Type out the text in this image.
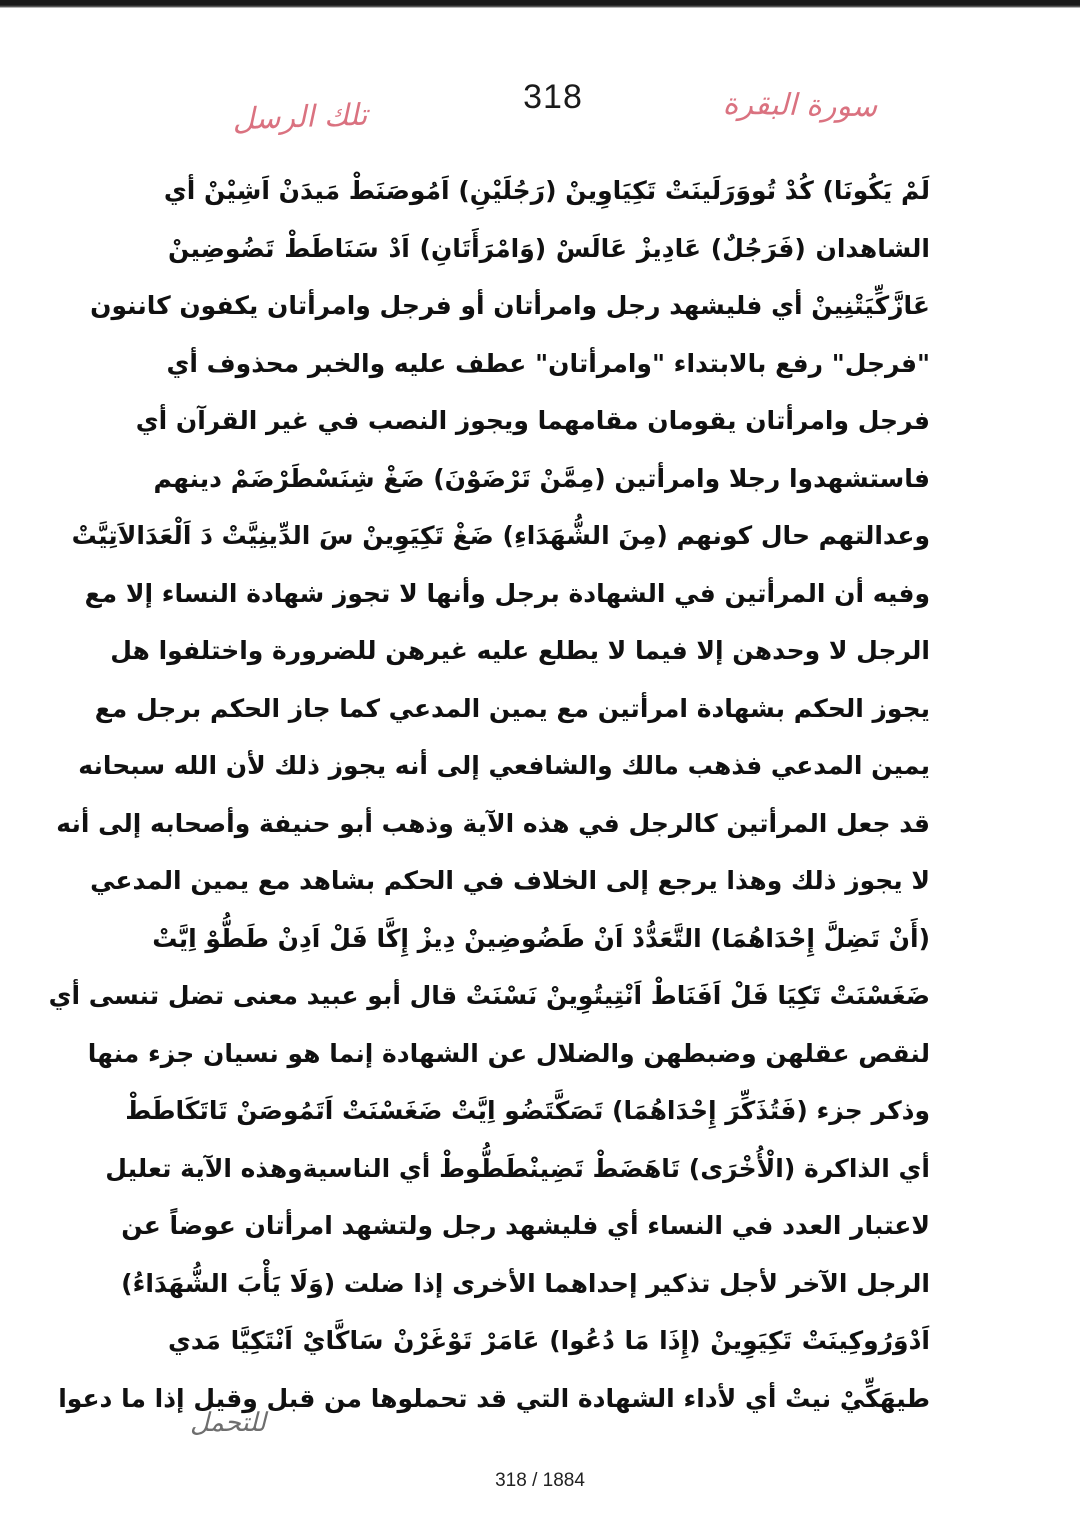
تلك الرسل
318	سورة البقرة
لَمْ يَكُونَا) كُدْ تُووَرَلَينَتْ تَكِيَاوِينْ (رَجُلَيْنِ) اَمُوصَنَطْ مَيدَنْ اَشِيْنْ أي
الشاهدان (فَرَجُلٌ) عَادِيزْ عَالَسْ (وَامْرَأَتَانِ) اَدْ سَنَاطَطْ تَضُوضِينْ
عَازَّكِّيَتْنِينْ أي فليشهد رجل وامرأتان أو فرجل وامرأتان يكفون كاننون
"فرجل" رفع بالابتداء "وامرأتان" عطف عليه والخبر محذوف أي
فرجل وامرأتان يقومان مقامهما ويجوز النصب في غير القرآن أي
فاستشهدوا رجلا وامرأتين (مِمَّنْ تَرْضَوْنَ) ضَغْ شِنَسْطَرْضَمْ دينهم
وعدالتهم حال كونهم (مِنَ الشُّهَدَاءِ) ضَغْ تَكِيَوِينْ سَ الدِّينِيَّتْ دَ اَلْعَدَالاَتِيَّتْ
وفيه أن المرأتين في الشهادة برجل وأنها لا تجوز شهادة النساء إلا مع
الرجل لا وحدهن إلا فيما لا يطلع عليه غيرهن للضرورة واختلفوا هل
يجوز الحكم بشهادة امرأتين مع يمين المدعي كما جاز الحكم برجل مع
يمين المدعي فذهب مالك والشافعي إلى أنه يجوز ذلك لأن الله سبحانه
قد جعل المرأتين كالرجل في هذه الآية وذهب أبو حنيفة وأصحابه إلى أنه
لا يجوز ذلك وهذا يرجع إلى الخلاف في الحكم بشاهد مع يمين المدعي
(أَنْ تَضِلَّ إِحْدَاهُمَا) التَّعَدُّدْ اَنْ طَضُوضِينْ دِيزْ إِكَّا فَلْ اَدِنْ طَطُّوْ اِيَّتْ
ضَغَسْنَتْ تَكِيَا فَلْ اَفَنَاطْ اَنْتِيتُوِينْ نَسْنَتْ قال أبو عبيد معنى تضل تنسى أي
لنقص عقلهن وضبطهن والضلال عن الشهادة إنما هو نسيان جزء منها
وذكر جزء (فَتُذَكِّرَ إِحْدَاهُمَا) تَصَكَّتَضُو اِيَّتْ ضَغَسْنَتْ اَتَمُوصَنْ تَاتَكَاطَطْ
أي الذاكرة (الْأُخْرَى) تَاهَضَطْ تَضِينْطَطُّوطْ أي الناسيةوهذه الآية تعليل
لاعتبار العدد في النساء أي فليشهد رجل ولتشهد امرأتان عوضاً عن
الرجل الآخر لأجل تذكير إحداهما الأخرى إذا ضلت (وَلَا يَأْبَ الشُّهَدَاءُ)
اَدْوَرُوكِينَتْ تَكِيَوِينْ (إِذَا مَا دُعُوا) عَامَرْ تَوْغَرْنْ سَاكَّايْ اَنْتَكِيَّا مَدي
طيهَكِّيْ نيتْ أي لأداء الشهادة التي قد تحملوها من قبل وقيل إذا ما دعوا
للتحمل
318 / 1884
